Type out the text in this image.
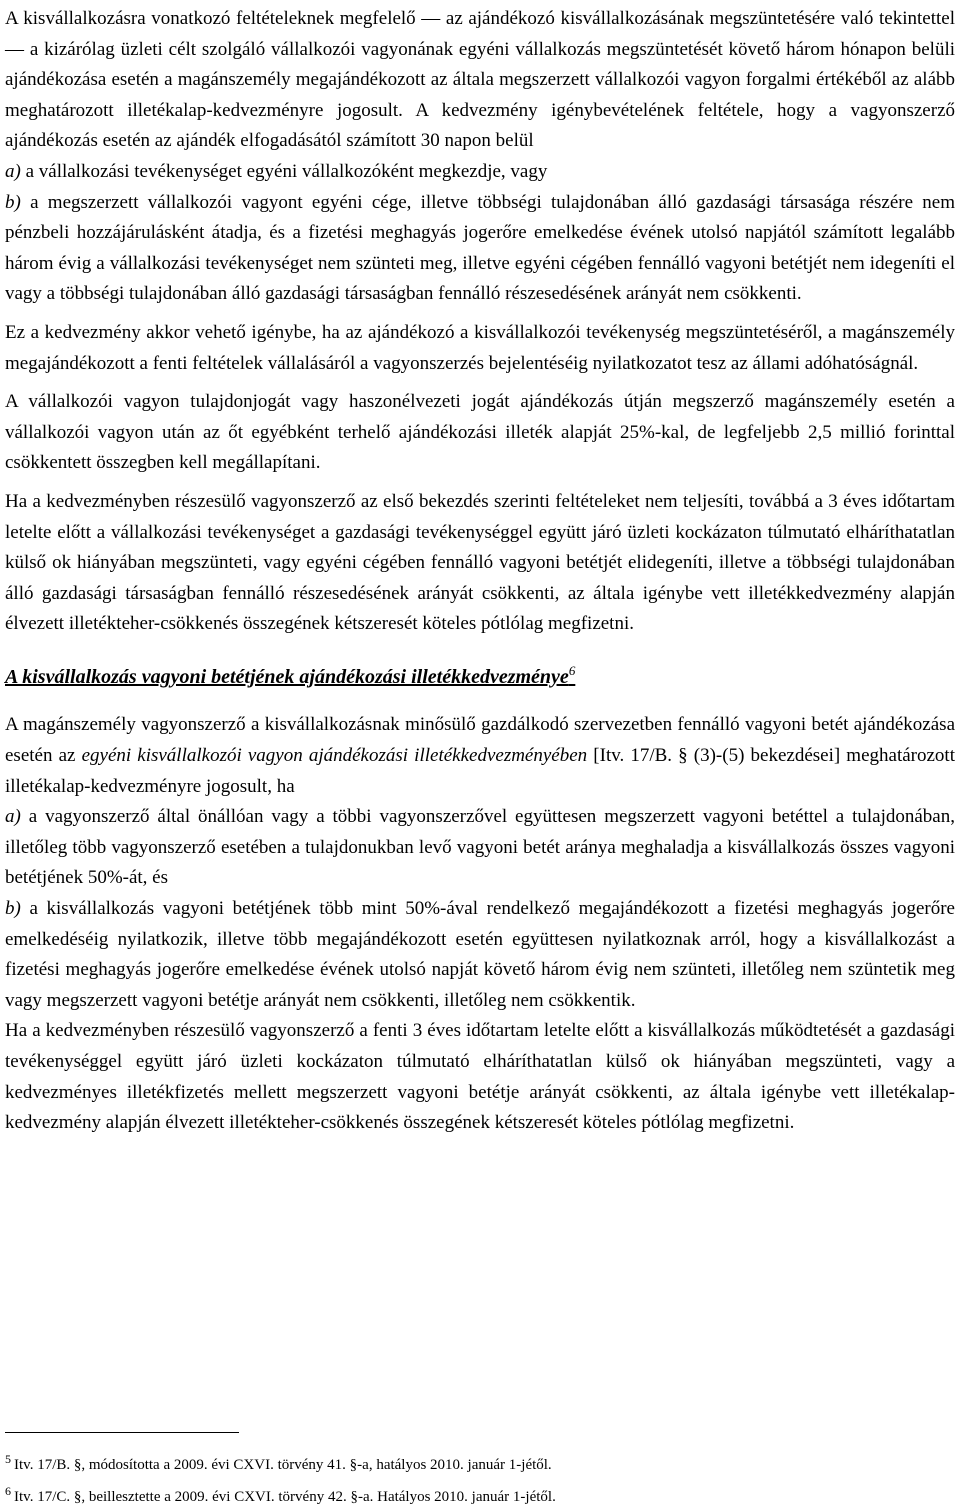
A kisvállalkozásra vonatkozó feltételeknek megfelelő — az ajándékozó kisvállalkozásának megszüntetésére való tekintettel — a kizárólag üzleti célt szolgáló vállalkozói vagyonának egyéni vállalkozás megszüntetését követő három hónapon belüli ajándékozása esetén a magánszemély megajándékozott az általa megszerzett vállalkozói vagyon forgalmi értékéből az alább meghatározott illetékalap-kedvezményre jogosult. A kedvezmény igénybevételének feltétele, hogy a vagyonszerző ajándékozás esetén az ajándék elfogadásától számított 30 napon belül

a) a vállalkozási tevékenységet egyéni vállalkozóként megkezdje, vagy
b) a megszerzett vállalkozói vagyont egyéni cége, illetve többségi tulajdonában álló gazdasági társasága részére nem pénzbeli hozzájárulásként átadja, és a fizetési meghagyás jogerőre emelkedése évének utolsó napjától számított legalább három évig a vállalkozási tevékenységet nem szünteti meg, illetve egyéni cégében fennálló vagyoni betétjét nem idegeníti el vagy a többségi tulajdonában álló gazdasági társaságban fennálló részesedésének arányát nem csökkenti.

Ez a kedvezmény akkor vehető igénybe, ha az ajándékozó a kisvállalkozói tevékenység megszüntetéséről, a magánszemély megajándékozott a fenti feltételek vállalásáról a vagyonszerzés bejelentéséig nyilatkozatot tesz az állami adóhatóságnál.

A vállalkozói vagyon tulajdonjogát vagy haszonélvezeti jogát ajándékozás útján megszerző magánszemély esetén a vállalkozói vagyon után az őt egyébként terhelő ajándékozási illeték alapját 25%-kal, de legfeljebb 2,5 millió forinttal csökkentett összegben kell megállapítani.

Ha a kedvezményben részesülő vagyonszerző az első bekezdés szerinti feltételeket nem teljesíti, továbbá a 3 éves időtartam letelte előtt a vállalkozási tevékenységet a gazdasági tevékenységgel együtt járó üzleti kockázaton túlmutató elháríthatatlan külső ok hiányában megszünteti, vagy egyéni cégében fennálló vagyoni betétjét elidegeníti, illetve a többségi tulajdonában álló gazdasági társaságban fennálló részesedésének arányát csökkenti, az általa igénybe vett illetékkedvezmény alapján élvezett illetékteher-csökkenés összegének kétszeresét köteles pótlólag megfizetni.

A kisvállalkozás vagyoni betétjének ajándékozási illetékkedvezménye$^6$

A magánszemély vagyonszerző a kisvállalkozásnak minősülő gazdálkodó szervezetben fennálló vagyoni betét ajándékozása esetén az egyéni kisvállalkozói vagyon ajándékozási illetékkedvezményében [Itv. 17/B. § (3)-(5) bekezdései] meghatározott illetékalap-kedvezményre jogosult, ha

a) a vagyonszerző által önállóan vagy a többi vagyonszerzővel együttesen megszerzett vagyoni betéttel a tulajdonában, illetőleg több vagyonszerző esetében a tulajdonukban levő vagyoni betét aránya meghaladja a kisvállalkozás összes vagyoni betétjének 50%-át, és
b) a kisvállalkozás vagyoni betétjének több mint 50%-ával rendelkező megajándékozott a fizetési meghagyás jogerőre emelkedéséig nyilatkozik, illetve több megajándékozott esetén együttesen nyilatkoznak arról, hogy a kisvállalkozást a fizetési meghagyás jogerőre emelkedése évének utolsó napját követő három évig nem szünteti, illetőleg nem szüntetik meg vagy megszerzett vagyoni betétje arányát nem csökkenti, illetőleg nem csökkentik.

Ha a kedvezményben részesülő vagyonszerző a fenti 3 éves időtartam letelte előtt a kisvállalkozás működtetését a gazdasági tevékenységgel együtt járó üzleti kockázaton túlmutató elháríthatatlan külső ok hiányában megszünteti, vagy a kedvezményes illetékfizetés mellett megszerzett vagyoni betétje arányát csökkenti, az általa igénybe vett illetékalap-kedvezmény alapján élvezett illetékteher-csökkenés összegének kétszeresét köteles pótlólag megfizetni.

$^5$ Itv. 17/B. §, módosította a 2009. évi CXVI. törvény 41. §-a, hatályos 2010. január 1-jétől.
$^6$ Itv. 17/C. §, beillesztette a 2009. évi CXVI. törvény 42. §-a. Hatályos 2010. január 1-jétől.
